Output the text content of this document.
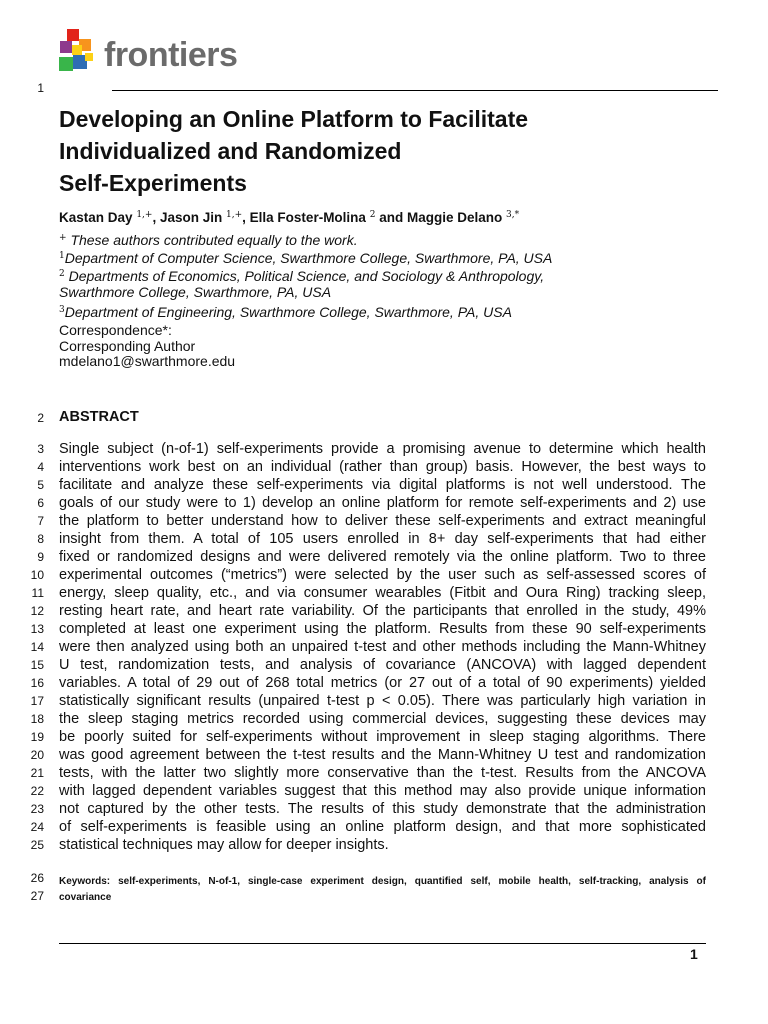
frontiers
1
2
3
4
5
6
7
8
9
10
11
12
13
14
15
16
17
18
19
20
21
22
23
24
25
26
27
Developing an Online Platform to Facilitate
Individualized and Randomized
Self-Experiments
Kastan Day $^{1,+}$, Jason Jin $^{1,+}$, Ella Foster-Molina $^2$ and Maggie Delano $^{3,*}$
+ These authors contributed equally to the work.
$^1$Department of Computer Science, Swarthmore College, Swarthmore, PA, USA
$^2$ Departments of Economics, Political Science, and Sociology & Anthropology,
Swarthmore College, Swarthmore, PA, USA
$^3$Department of Engineering, Swarthmore College, Swarthmore, PA, USA
Correspondence*:
Corresponding Author
mdelano1@swarthmore.edu
ABSTRACT
Single subject (n-of-1) self-experiments provide a promising avenue to determine which health
interventions work best on an individual (rather than group) basis. However, the best ways to
facilitate and analyze these self-experiments via digital platforms is not well understood. The
goals of our study were to 1) develop an online platform for remote self-experiments and 2) use
the platform to better understand how to deliver these self-experiments and extract meaningful
insight from them. A total of 105 users enrolled in 8+ day self-experiments that had either
fixed or randomized designs and were delivered remotely via the online platform. Two to three
experimental outcomes (“metrics”) were selected by the user such as self-assessed scores of
energy, sleep quality, etc., and via consumer wearables (Fitbit and Oura Ring) tracking sleep,
resting heart rate, and heart rate variability. Of the participants that enrolled in the study, 49%
completed at least one experiment using the platform. Results from these 90 self-experiments
were then analyzed using both an unpaired t-test and other methods including the Mann-Whitney
U test, randomization tests, and analysis of covariance (ANCOVA) with lagged dependent
variables. A total of 29 out of 268 total metrics (or 27 out of a total of 90 experiments) yielded
statistically significant results (unpaired t-test p < 0.05). There was particularly high variation in
the sleep staging metrics recorded using commercial devices, suggesting these devices may
be poorly suited for self-experiments without improvement in sleep staging algorithms. There
was good agreement between the t-test results and the Mann-Whitney U test and randomization
tests, with the latter two slightly more conservative than the t-test. Results from the ANCOVA
with lagged dependent variables suggest that this method may also provide unique information
not captured by the other tests. The results of this study demonstrate that the administration
of self-experiments is feasible using an online platform design, and that more sophisticated
statistical techniques may allow for deeper insights.
Keywords: self-experiments, N-of-1, single-case experiment design, quantified self, mobile health, self-tracking, analysis of
covariance
1
